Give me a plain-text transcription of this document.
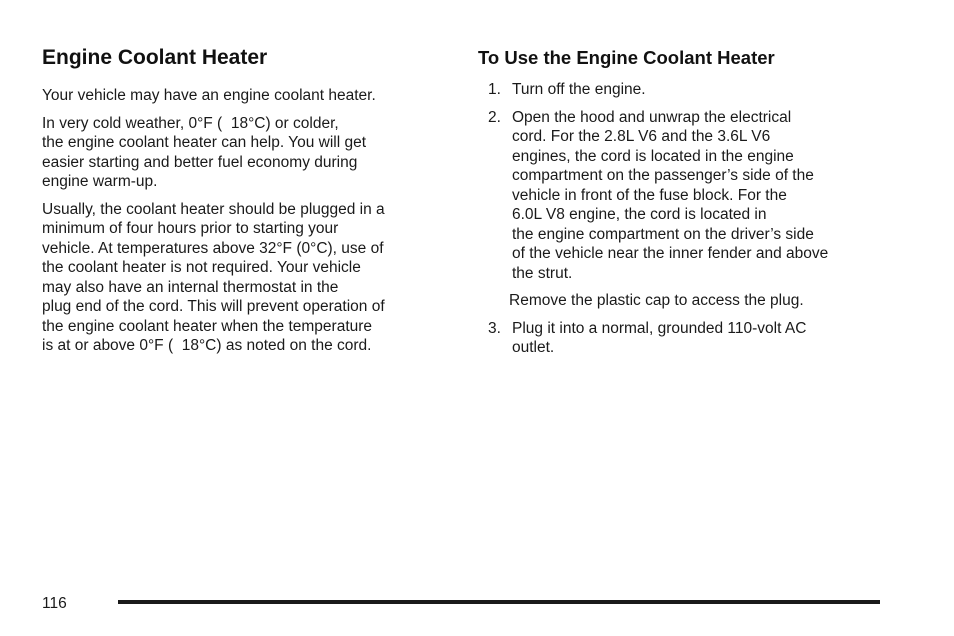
Engine Coolant Heater

Your vehicle may have an engine coolant heater.

In very cold weather, 0°F (  18°C) or colder,
the engine coolant heater can help. You will get
easier starting and better fuel economy during
engine warm-up.

Usually, the coolant heater should be plugged in a
minimum of four hours prior to starting your
vehicle. At temperatures above 32°F (0°C), use of
the coolant heater is not required. Your vehicle
may also have an internal thermostat in the
plug end of the cord. This will prevent operation of
the engine coolant heater when the temperature
is at or above 0°F (  18°C) as noted on the cord.

To Use the Engine Coolant Heater
1. Turn off the engine.
2. Open the hood and unwrap the electrical
cord. For the 2.8L V6 and the 3.6L V6
engines, the cord is located in the engine
compartment on the passenger’s side of the
vehicle in front of the fuse block. For the
6.0L V8 engine, the cord is located in
the engine compartment on the driver’s side
of the vehicle near the inner fender and above
the strut.

Remove the plastic cap to access the plug.

3. Plug it into a normal, grounded 110-volt AC
outlet.
116
